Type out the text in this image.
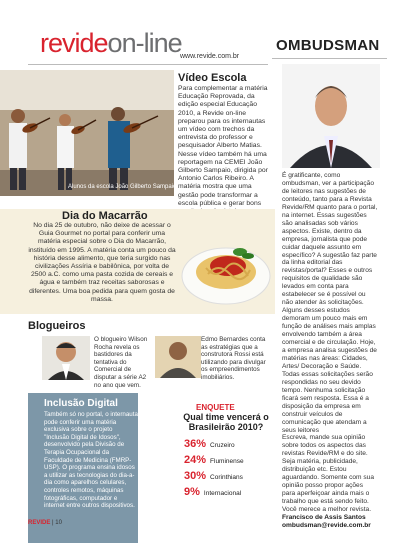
revideon-line
www.revide.com.br
OMBUDSMAN
Alunos da escola João Gilberto Sampaio
Vídeo Escola
Para complementar a matéria Educação Reprovada, da edição especial Educação 2010, a Revide on-line preparou para os internautas um vídeo com trechos da entrevista do professor e pesquisador Alberto Matias. Nesse vídeo também há uma reportagem na CEMEI João Gilberto Sampaio, dirigida por Antonio Carlos Ribeiro. A matéria mostra que uma gestão pode transformar a escola pública e gerar bons
Dia do Macarrão
No dia 25 de outubro, não deixe de acessar o Guia Gourmet no portal para conferir uma matéria especial sobre o Dia do Macarrão, instituído em 1995. A matéria conta um pouco da história desse alimento, que teria surgido nas civilizações Assíria e babilônica, por volta de 2500 a.C. como uma pasta cozida de cereais e água e também traz receitas saborosas e diferentes. Uma boa pedida para quem gosta de massa.
Blogueiros
O blogueiro Wilson Rocha revela os bastidores da tentativa do Comercial de disputar a série A2 no ano que vem.
Edmo Bernardes conta as estratégias que a construtora Rossi está utilizando para divulgar os empreendimentos imobiliários.
Inclusão Digital
Também só no portal, o internauta pode conferir uma matéria exclusiva sobre o projeto "Inclusão Digital de Idosos", desenvolvido pela Divisão de Terapia Ocupacional da Faculdade de Medicina (FMRP-USP). O programa ensina idosos a utilizar as tecnologias do dia-a-dia como aparelhos celulares, controles remotos, máquinas fotográficas, computador e internet entre outros dispositivos.
ENQUETE
Qual time vencerá o Brasileirão 2010?
36% Cruzeiro
24% Fluminense
30% Corinthians
9% Internacional
É gratificante, como ombudsman, ver a participação de leitores nas sugestões de conteúdo, tanto para a Revista Revide/RM quanto para o portal, na internet. Essas sugestões são analisadas sob vários aspectos. Existe, dentro da empresa, jornalista que pode cuidar daquele assunto em específico? A sugestão faz parte da linha editorial das revistas/portal? Esses e outros requisitos de qualidade são levados em conta para estabelecer se é possível ou não atender às solicitações. Alguns desses estudos demoram um pouco mais em função de análises mais amplas envolvendo também a área comercial e de circulação. Hoje, a empresa analisa sugestões de matérias nas áreas: Cidades, Artes/ Decoração e Saúde. Todas essas solicitações serão respondidas no seu devido tempo. Nenhuma solicitação ficará sem resposta. Essa é a disposição da empresa em construir veículos de comunicação que atendam a seus leitores
Escreva, mande sua opinião sobre todos os aspectos das revistas Revide/RM e do site. Seja matéria, publicidade, distribuição etc. Estou aguardando. Somente com sua opinião posso propor ações para aperfeiçoar ainda mais o trabalho que está sendo feito. Você merece a melhor revista.
Francisco de Assis Santos
ombudsman@revide.com.br
REVIDE | 10
